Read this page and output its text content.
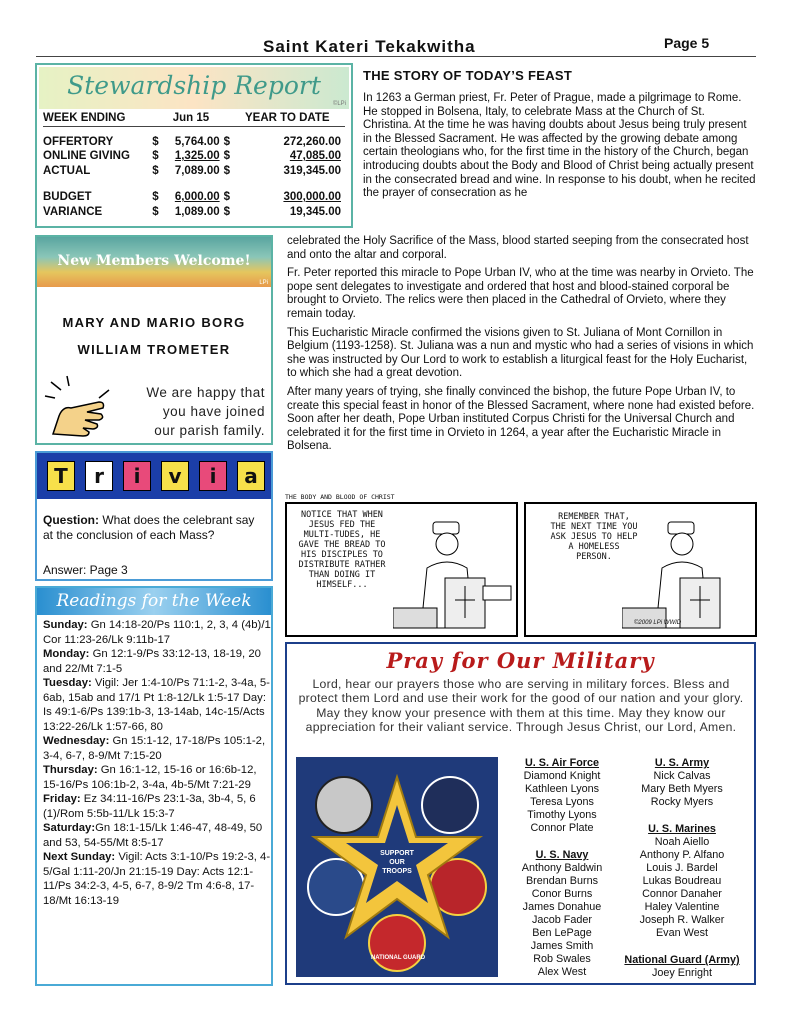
Saint Kateri Tekakwitha	Page 5
Stewardship Report
©LPi
WEEK ENDING		Jun 15		YEAR TO DATE

OFFERTORY	$	5,764.00	$	272,260.00
ONLINE GIVING	$	1,325.00	$	47,085.00
ACTUAL	$	7,089.00	$	319,345.00

BUDGET	$	6,000.00	$	300,000.00
VARIANCE	$	1,089.00	$	19,345.00
THE STORY OF TODAY’S FEAST

In 1263 a German priest, Fr. Peter of Prague, made a pilgrimage to Rome. He stopped in Bolsena, Italy, to celebrate Mass at the Church of St. Christina. At the time he was having doubts about Jesus being truly present in the Blessed Sacrament. He was affected by the growing debate among certain theologians who, for the first time in the history of the Church, began introducing doubts about the Body and Blood of Christ being actually present in the consecrated bread and wine. In response to his doubt, when he recited the prayer of consecration as he

celebrated the Holy Sacrifice of the Mass, blood started seeping from the consecrated host and onto the altar and corporal.

Fr. Peter reported this miracle to Pope Urban IV, who at the time was nearby in Orvieto. The pope sent delegates to investigate and ordered that host and blood-stained corporal be brought to Orvieto. The relics were then placed in the Cathedral of Orvieto, where they remain today.

This Eucharistic Miracle confirmed the visions given to St. Juliana of Mont Cornillon in Belgium (1193-1258). St. Juliana was a nun and mystic who had a series of visions in which she was instructed by Our Lord to work to establish a liturgical feast for the Holy Eucharist, to which she had a great devotion.

After many years of trying, she finally convinced the bishop, the future Pope Urban IV, to create this special feast in honor of the Blessed Sacrament, where none had existed before. Soon after her death, Pope Urban instituted Corpus Christi for the Universal Church and celebrated it for the first time in Orvieto in 1264, a year after the Eucharistic Miracle in Bolsena.

New Members Welcome!
LPi
MARY AND MARIO BORG
WILLIAM TROMETER
We are happy that
you have joined
our parish family.
T	r	i	v	i	a
Question: What does the celebrant say at the conclusion of each Mass?
Answer: Page 3
Readings for the Week

Sunday: Gn 14:18-20/Ps 110:1, 2, 3, 4 (4b)/1 Cor 11:23-26/Lk 9:11b-17

Monday: Gn 12:1-9/Ps 33:12-13, 18-19, 20 and 22/Mt 7:1-5

Tuesday: Vigil: Jer 1:4-10/Ps 71:1-2, 3-4a, 5-6ab, 15ab and 17/1 Pt 1:8-12/Lk 1:5-17 Day: Is 49:1-6/Ps 139:1b-3, 13-14ab, 14c-15/Acts 13:22-26/Lk 1:57-66, 80

Wednesday: Gn 15:1-12, 17-18/Ps 105:1-2, 3-4, 6-7, 8-9/Mt 7:15-20

Thursday: Gn 16:1-12, 15-16 or 16:6b-12, 15-16/Ps 106:1b-2, 3-4a, 4b-5/Mt 7:21-29

Friday: Ez 34:11-16/Ps 23:1-3a, 3b-4, 5, 6 (1)/Rom 5:5b-11/Lk 15:3-7

Saturday:Gn 18:1-15/Lk 1:46-47, 48-49, 50 and 53, 54-55/Mt 8:5-17

Next Sunday: Vigil: Acts 3:1-10/Ps 19:2-3, 4-5/Gal 1:11-20/Jn 21:15-19 Day: Acts 12:1-11/Ps 34:2-3, 4-5, 6-7, 8-9/2 Tm 4:6-8, 17-18/Mt 16:13-19

THE BODY AND BLOOD OF CHRIST
NOTICE THAT WHEN JESUS FED THE MULTI-TUDES, HE GAVE THE BREAD TO HIS DISCIPLES TO DISTRIBUTE RATHER THAN DOING IT HIMSELF...
REMEMBER THAT, THE NEXT TIME YOU ASK JESUS TO HELP A HOMELESS PERSON.
©2009 LPi WWID
Pray for Our Military
Lord, hear our prayers those who are serving in military forces. Bless and protect them Lord and use their work for the good of our nation and your glory. May they know your presence with them at this time. May they know our appreciation for their valiant service. Through Jesus Christ, our Lord, Amen.
SUPPORT
OUR
TROOPS
NATIONAL GUARD
U. S. Air Force
Diamond Knight
Kathleen Lyons
Teresa Lyons
Timothy Lyons
Connor Plate
U. S. Navy
Anthony Baldwin
Brendan Burns
Conor Burns
James Donahue
Jacob Fader
Ben LePage
James Smith
Rob Swales
Alex West
U. S. Army
Nick Calvas
Mary Beth Myers
Rocky Myers
U. S. Marines
Noah Aiello
Anthony P. Alfano
Louis J. Bardel
Lukas Boudreau
Connor Danaher
Haley Valentine
Joseph R. Walker
Evan West
National Guard (Army)
Joey Enright
